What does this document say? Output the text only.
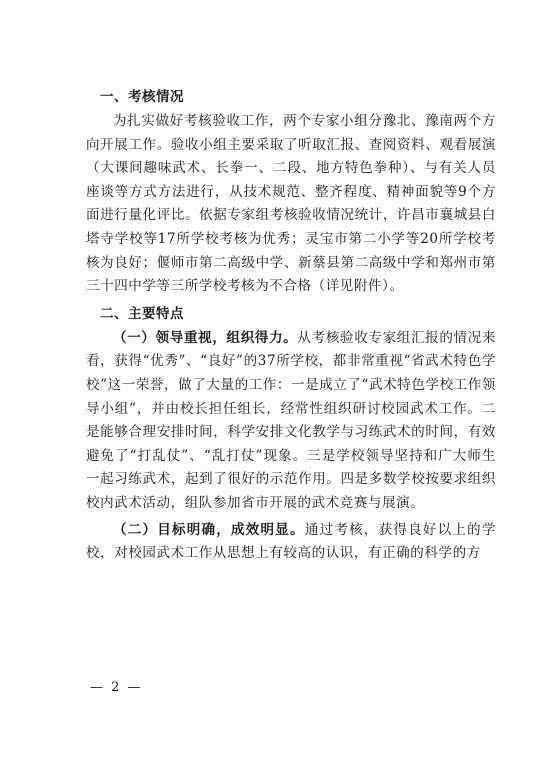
一、考核情况

为扎实做好考核验收工作，两个专家小组分豫北、豫南两个方向开展工作。验收小组主要采取了听取汇报、查阅资料、观看展演（大课间趣味武术、长拳一、二段、地方特色拳种）、与有关人员座谈等方式方法进行，从技术规范、整齐程度、精神面貌等9个方面进行量化评比。依据专家组考核验收情况统计，许昌市襄城县白塔寺学校等17所学校考核为优秀；灵宝市第二小学等20所学校考核为良好；偃师市第二高级中学、新蔡县第二高级中学和郑州市第三十四中学等三所学校考核为不合格（详见附件）。

二、主要特点

（一）领导重视，组织得力。从考核验收专家组汇报的情况来看，获得“优秀”、“良好”的37所学校，都非常重视“省武术特色学校”这一荣誉，做了大量的工作：一是成立了“武术特色学校工作领导小组”，并由校长担任组长，经常性组织研讨校园武术工作。二是能够合理安排时间，科学安排文化教学与习练武术的时间，有效避免了“打乱仗”、“乱打仗”现象。三是学校领导坚持和广大师生一起习练武术，起到了很好的示范作用。四是多数学校按要求组织校内武术活动，组队参加省市开展的武术竞赛与展演。

（二）目标明确，成效明显。通过考核，获得良好以上的学校，对校园武术工作从思想上有较高的认识，有正确的科学的方

— 2 —
